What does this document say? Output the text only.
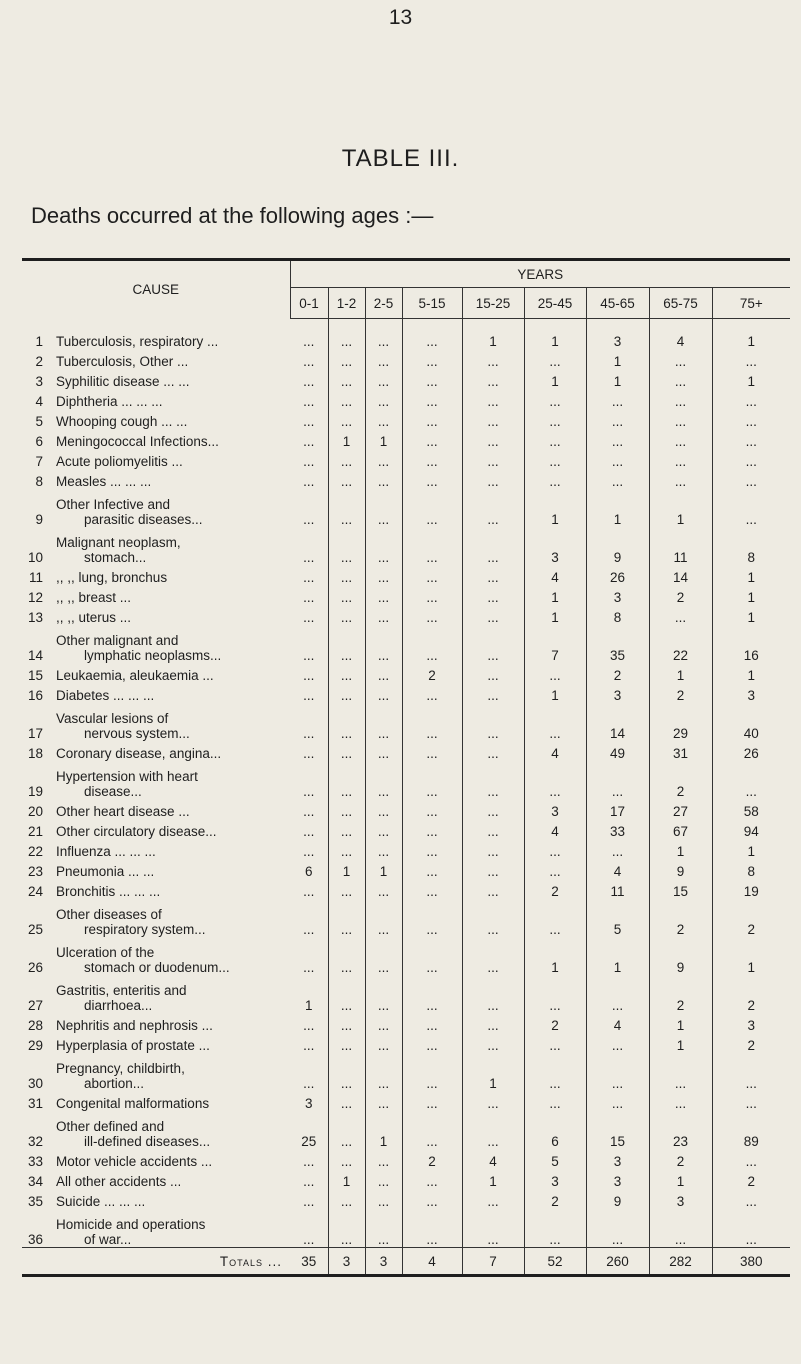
13
TABLE III.
Deaths occurred at the following ages :—
CAUSE		YEARS								
		0-1	1-2	2-5	5-15	15-25	25-45	45-65	65-75	75+

1	Tuberculosis, respiratory ...	...	...	...	...	1	1	3	4	1
2	Tuberculosis, Other ...	...	...	...	...	...	...	1	...	...
3	Syphilitic disease ... ...	...	...	...	...	...	1	1	...	1
4	Diphtheria ... ... ...	...	...	...	...	...	...	...	...	...
5	Whooping cough ... ...	...	...	...	...	...	...	...	...	...
6	Meningococcal Infections...	...	1	1	...	...	...	...	...	...
7	Acute poliomyelitis ...	...	...	...	...	...	...	...	...	...
8	Measles ... ... ...	...	...	...	...	...	...	...	...	...
9	Other Infective and
parasitic diseases...	...	...	...	...	...	1	1	1	...
10	Malignant neoplasm,
stomach...	...	...	...	...	...	3	9	11	8
11	,, ,, lung, bronchus	...	...	...	...	...	4	26	14	1
12	,, ,, breast ...	...	...	...	...	...	1	3	2	1
13	,, ,, uterus ...	...	...	...	...	...	1	8	...	1
14	Other malignant and
lymphatic neoplasms...	...	...	...	...	...	7	35	22	16
15	Leukaemia, aleukaemia ...	...	...	...	2	...	...	2	1	1
16	Diabetes ... ... ...	...	...	...	...	...	1	3	2	3
17	Vascular lesions of
nervous system...	...	...	...	...	...	...	14	29	40
18	Coronary disease, angina...	...	...	...	...	...	4	49	31	26
19	Hypertension with heart
disease...	...	...	...	...	...	...	...	2	...
20	Other heart disease ...	...	...	...	...	...	3	17	27	58
21	Other circulatory disease...	...	...	...	...	...	4	33	67	94
22	Influenza ... ... ...	...	...	...	...	...	...	...	1	1
23	Pneumonia ... ...	6	1	1	...	...	...	4	9	8
24	Bronchitis ... ... ...	...	...	...	...	...	2	11	15	19
25	Other diseases of
respiratory system...	...	...	...	...	...	...	5	2	2
26	Ulceration of the
stomach or duodenum...	...	...	...	...	...	1	1	9	1
27	Gastritis, enteritis and
diarrhoea...	1	...	...	...	...	...	...	2	2
28	Nephritis and nephrosis ...	...	...	...	...	...	2	4	1	3
29	Hyperplasia of prostate ...	...	...	...	...	...	...	...	1	2
30	Pregnancy, childbirth,
abortion...	...	...	...	...	1	...	...	...	...
31	Congenital malformations	3	...	...	...	...	...	...	...	...
32	Other defined and
ill-defined diseases...	25	...	1	...	...	6	15	23	89
33	Motor vehicle accidents ...	...	...	...	2	4	5	3	2	...
34	All other accidents ...	...	1	...	...	1	3	3	1	2
35	Suicide ... ... ...	...	...	...	...	...	2	9	3	...
36	Homicide and operations
of war...	...	...	...	...	...	...	...	...	...
Totals ...		35	3	3	4	7	52	260	282	380
